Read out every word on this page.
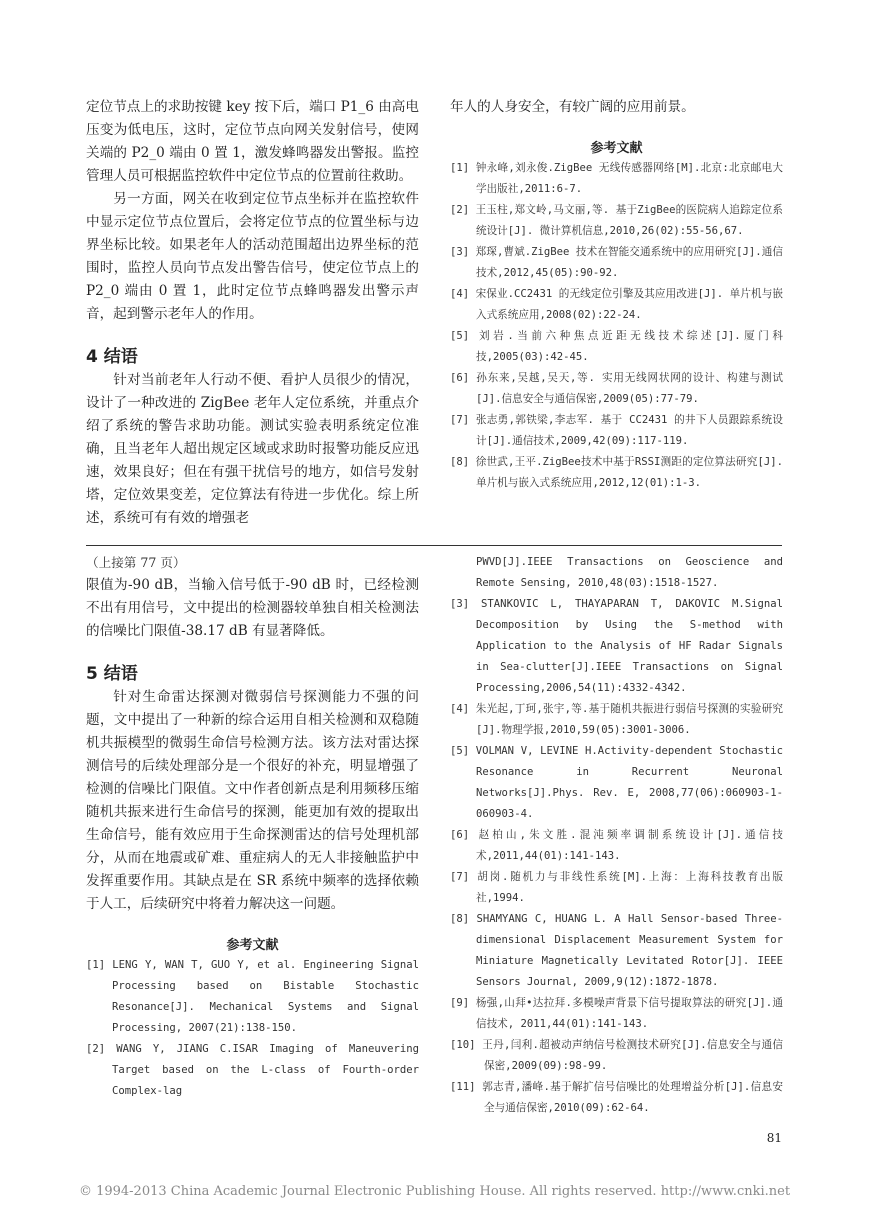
定位节点上的求助按键 key 按下后，端口 P1_6 由高电压变为低电压，这时，定位节点向网关发射信号，使网关端的 P2_0 端由 0 置 1，激发蜂鸣器发出警报。监控管理人员可根据监控软件中定位节点的位置前往救助。

另一方面，网关在收到定位节点坐标并在监控软件中显示定位节点位置后，会将定位节点的位置坐标与边界坐标比较。如果老年人的活动范围超出边界坐标的范围时，监控人员向节点发出警告信号，使定位节点上的 P2_0 端由 0 置 1，此时定位节点蜂鸣器发出警示声音，起到警示老年人的作用。

4 结语

针对当前老年人行动不便、看护人员很少的情况，设计了一种改进的 ZigBee 老年人定位系统，并重点介绍了系统的警告求助功能。测试实验表明系统定位准确，且当老年人超出规定区域或求助时报警功能反应迅速，效果良好；但在有强干扰信号的地方，如信号发射塔，定位效果变差，定位算法有待进一步优化。综上所述，系统可有有效的增强老

年人的人身安全，有较广阔的应用前景。

参考文献

[1] 钟永峰,刘永俊.ZigBee 无线传感器网络[M].北京:北京邮电大学出版社,2011:6-7.

[2] 王玉柱,郑文岭,马文丽,等. 基于ZigBee的医院病人追踪定位系统设计[J]. 微计算机信息,2010,26(02):55-56,67.

[3] 郑琛,曹斌.ZigBee 技术在智能交通系统中的应用研究[J].通信技术,2012,45(05):90-92.

[4] 宋保业.CC2431 的无线定位引擎及其应用改进[J]. 单片机与嵌入式系统应用,2008(02):22-24.

[5] 刘岩.当前六种焦点近距无线技术综述[J].厦门科技,2005(03):42-45.

[6] 孙东来,吴越,吴天,等. 实用无线网状网的设计、构建与测试[J].信息安全与通信保密,2009(05):77-79.

[7] 张志勇,郭铁梁,李志军. 基于 CC2431 的井下人员跟踪系统设计[J].通信技术,2009,42(09):117-119.

[8] 徐世武,王平.ZigBee技术中基于RSSI测距的定位算法研究[J].单片机与嵌入式系统应用,2012,12(01):1-3.

（上接第 77 页）

限值为-90 dB，当输入信号低于-90 dB 时，已经检测不出有用信号，文中提出的检测器较单独自相关检测法的信噪比门限值-38.17 dB 有显著降低。

5 结语

针对生命雷达探测对微弱信号探测能力不强的问题，文中提出了一种新的综合运用自相关检测和双稳随机共振模型的微弱生命信号检测方法。该方法对雷达探测信号的后续处理部分是一个很好的补充，明显增强了检测的信噪比门限值。文中作者创新点是利用频移压缩随机共振来进行生命信号的探测，能更加有效的提取出生命信号，能有效应用于生命探测雷达的信号处理机部分，从而在地震或矿难、重症病人的无人非接触监护中发挥重要作用。其缺点是在 SR 系统中频率的选择依赖于人工，后续研究中将着力解决这一问题。

参考文献

[1] LENG Y, WAN T, GUO Y, et al. Engineering Signal Processing based on Bistable Stochastic Resonance[J]. Mechanical Systems and Signal Processing, 2007(21):138-150.

[2] WANG Y, JIANG C.ISAR Imaging of Maneuvering Target based on the L-class of Fourth-order Complex-lag

PWVD[J].IEEE Transactions on Geoscience and Remote Sensing, 2010,48(03):1518-1527.

[3] STANKOVIC L, THAYAPARAN T, DAKOVIC M.Signal Decomposition by Using the S-method with Application to the Analysis of HF Radar Signals in Sea-clutter[J].IEEE Transactions on Signal Processing,2006,54(11):4332-4342.

[4] 朱光起,丁珂,张宇,等.基于随机共振进行弱信号探测的实验研究[J].物理学报,2010,59(05):3001-3006.

[5] VOLMAN V, LEVINE H.Activity-dependent Stochastic Resonance in Recurrent Neuronal Networks[J].Phys. Rev. E, 2008,77(06):060903-1-060903-4.

[6] 赵柏山,朱文胜.混沌频率调制系统设计[J].通信技术,2011,44(01):141-143.

[7] 胡岗.随机力与非线性系统[M].上海：上海科技教育出版社,1994.

[8] SHAMYANG C, HUANG L. A Hall Sensor-based Three-dimensional Displacement Measurement System for Miniature Magnetically Levitated Rotor[J]. IEEE Sensors Journal, 2009,9(12):1872-1878.

[9] 杨强,山拜•达拉拜.多模噪声背景下信号提取算法的研究[J].通信技术, 2011,44(01):141-143.

[10] 王丹,闫利.超被动声纳信号检测技术研究[J].信息安全与通信保密,2009(09):98-99.

[11] 郭志青,潘峰.基于解扩信号信噪比的处理增益分析[J].信息安全与通信保密,2010(09):62-64.

81
© 1994-2013 China Academic Journal Electronic Publishing House. All rights reserved. http://www.cnki.net
